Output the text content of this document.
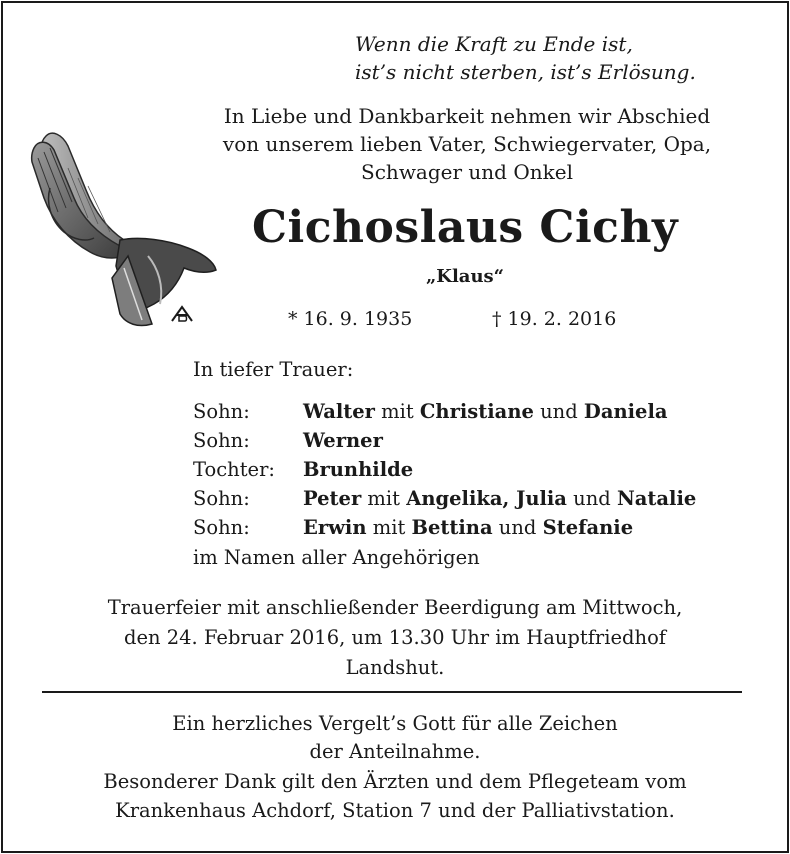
Wenn die Kraft zu Ende ist,
ist’s nicht sterben, ist’s Erlösung.
In Liebe und Dankbarkeit nehmen wir Abschied
von unserem lieben Vater, Schwiegervater, Opa,
Schwager und Onkel
Cichoslaus Cichy
„Klaus“
* 16. 9. 1935	† 19. 2. 2016
In tiefer Trauer:
Sohn:	Walter mit Christiane und Daniela
Sohn:	Werner
Tochter: Brunhilde
Sohn:	Peter mit Angelika, Julia und Natalie
Sohn:	Erwin mit Bettina und Stefanie
im Namen aller Angehörigen
Trauerfeier mit anschließender Beerdigung am Mittwoch,
den 24. Februar 2016, um 13.30 Uhr im Hauptfriedhof
Landshut.
Ein herzliches Vergelt’s Gott für alle Zeichen
der Anteilnahme.
Besonderer Dank gilt den Ärzten und dem Pflegeteam vom
Krankenhaus Achdorf, Station 7 und der Palliativstation.
